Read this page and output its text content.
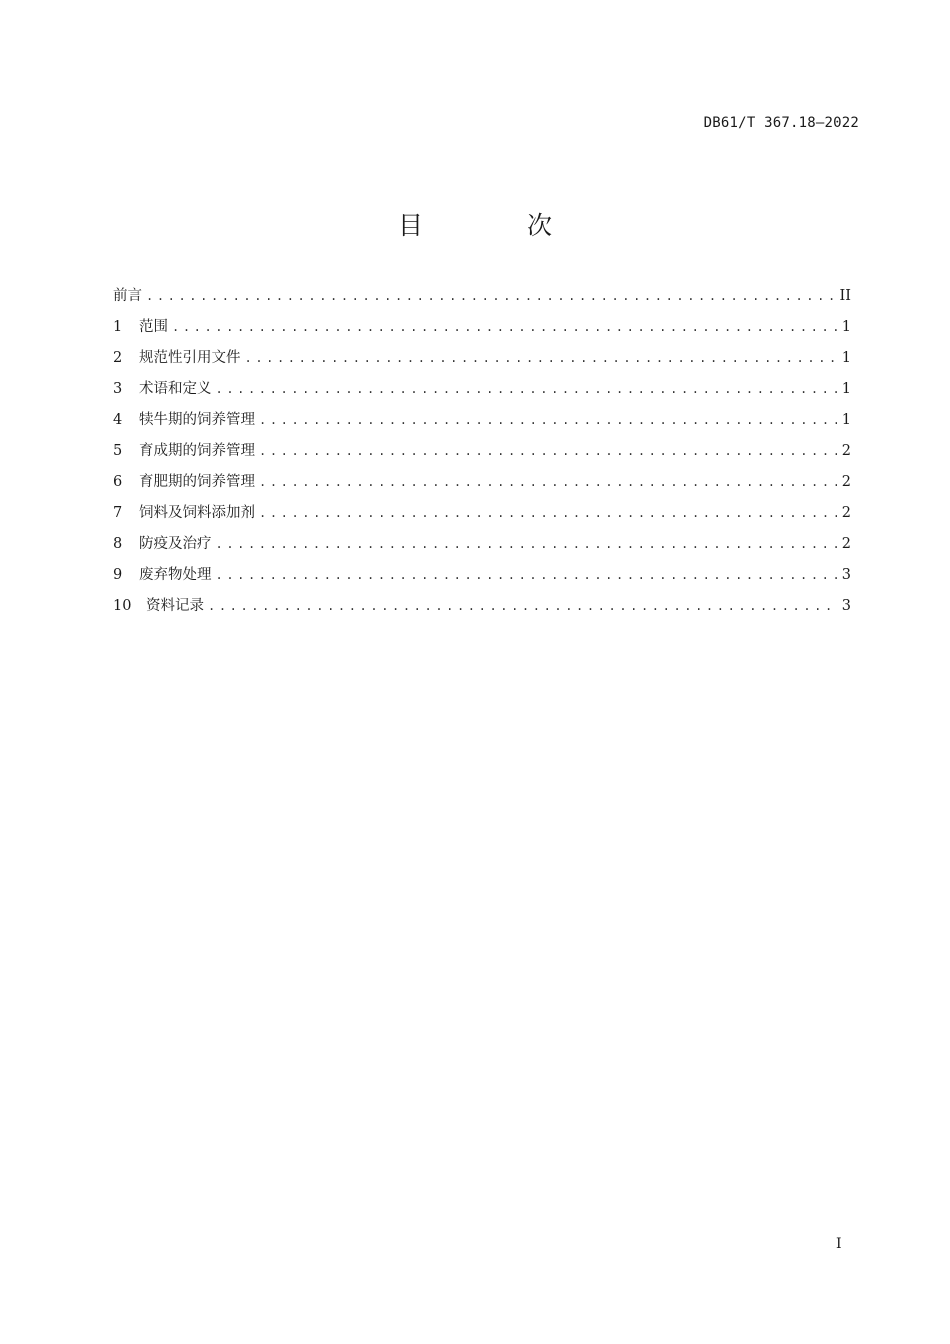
DB61/T 367.18—2022
目 次
前言 .....	II
1	范围 .....	1
2	规范性引用文件 .....	1
3	术语和定义 .....	1
4	犊牛期的饲养管理 .....	1
5	育成期的饲养管理 .....	2
6	育肥期的饲养管理 .....	2
7	饲料及饲料添加剂 .....	2
8	防疫及治疗 .....	2
9	废弃物处理 .....	3
10	资料记录 .....	3
I
